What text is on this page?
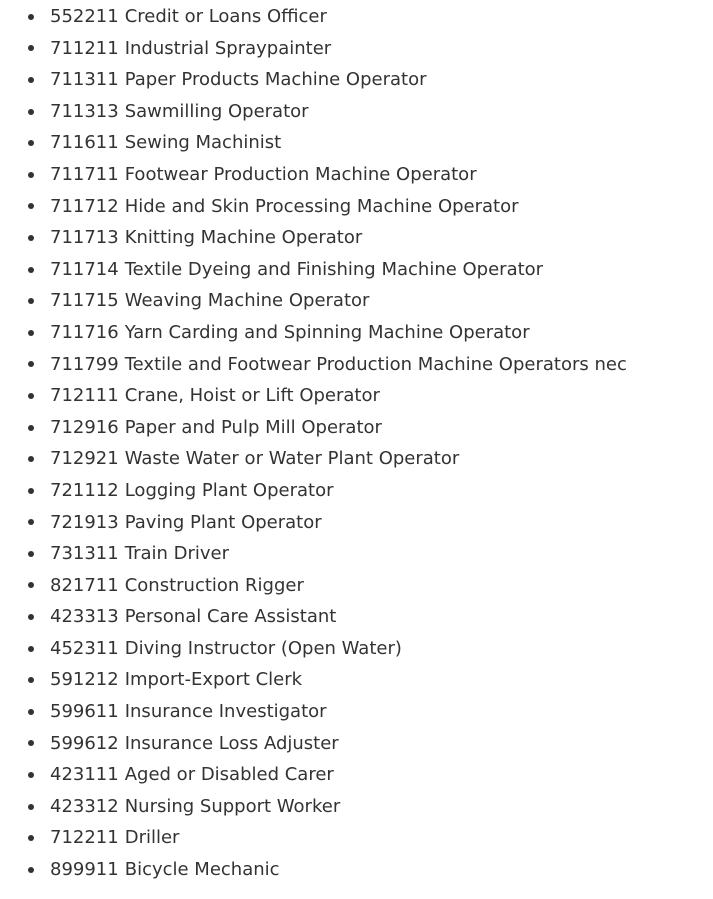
552211 Credit or Loans Officer
711211 Industrial Spraypainter
711311 Paper Products Machine Operator
711313 Sawmilling Operator
711611 Sewing Machinist
711711 Footwear Production Machine Operator
711712 Hide and Skin Processing Machine Operator
711713 Knitting Machine Operator
711714 Textile Dyeing and Finishing Machine Operator
711715 Weaving Machine Operator
711716 Yarn Carding and Spinning Machine Operator
711799 Textile and Footwear Production Machine Operators nec
712111 Crane, Hoist or Lift Operator
712916 Paper and Pulp Mill Operator
712921 Waste Water or Water Plant Operator
721112 Logging Plant Operator
721913 Paving Plant Operator
731311 Train Driver
821711 Construction Rigger
423313 Personal Care Assistant
452311 Diving Instructor (Open Water)
591212 Import-Export Clerk
599611 Insurance Investigator
599612 Insurance Loss Adjuster
423111 Aged or Disabled Carer
423312 Nursing Support Worker
712211 Driller
899911 Bicycle Mechanic
